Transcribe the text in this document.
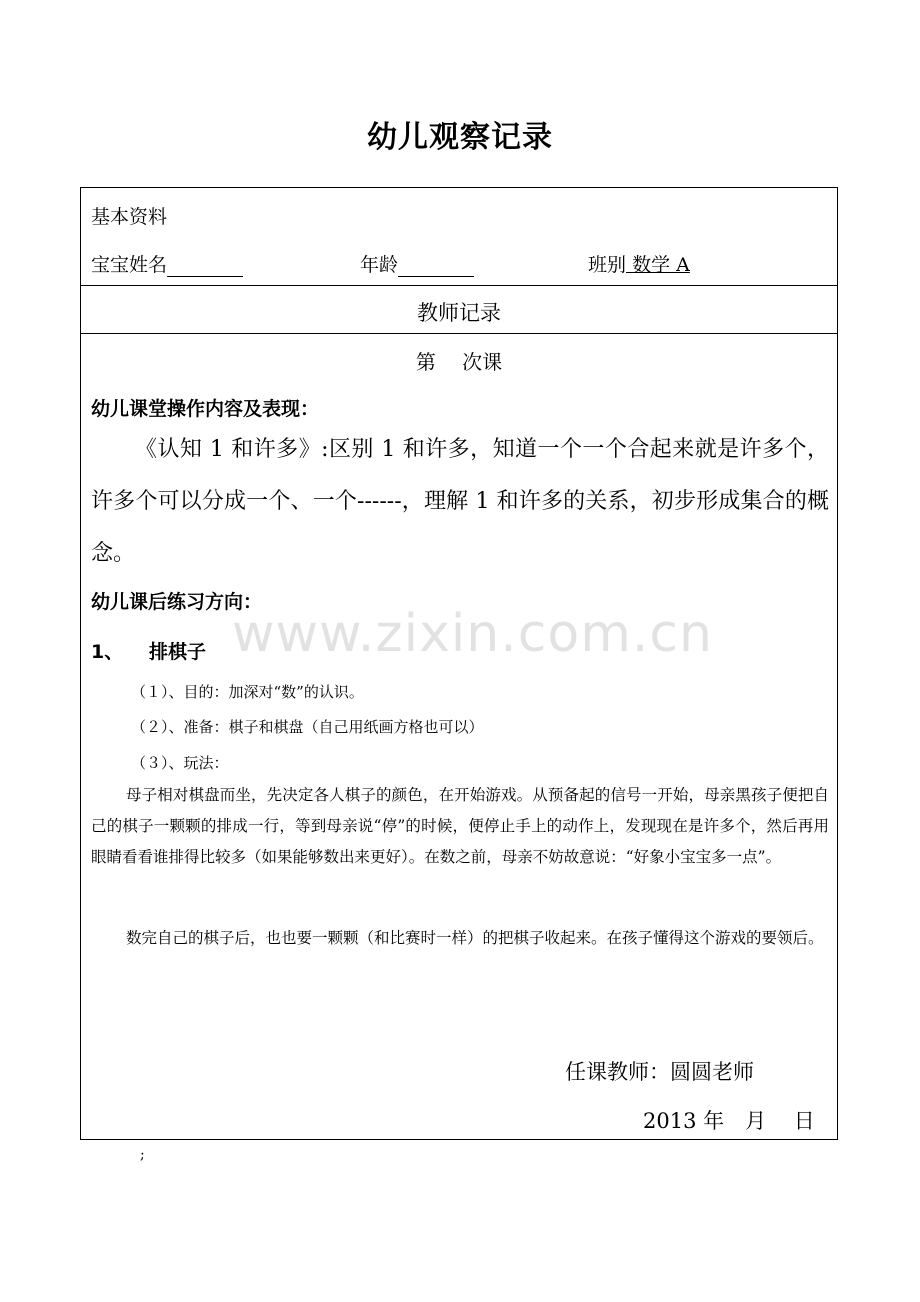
幼儿观察记录
基本资料
宝宝姓名	年龄	班别 数学 A
教师记录
第　 次课
幼儿课堂操作内容及表现：
《认知 1 和许多》:区别 1 和许多，知道一个一个合起来就是许多个，许多个可以分成一个、一个------，理解 1 和许多的关系，初步形成集合的概念。
幼儿课后练习方向：
1、 排棋子
（１）、目的：加深对“数”的认识。
（２）、准备：棋子和棋盘（自己用纸画方格也可以）
（３）、玩法：
母子相对棋盘而坐，先决定各人棋子的颜色，在开始游戏。从预备起的信号一开始，母亲黑孩子便把自己的棋子一颗颗的排成一行，等到母亲说“停”的时候，便停止手上的动作上，发现现在是许多个，然后再用眼睛看看谁排得比较多（如果能够数出来更好）。在数之前，母亲不妨故意说：“好象小宝宝多一点”。
数完自己的棋子后，也也要一颗颗（和比赛时一样）的把棋子收起来。在孩子懂得这个游戏的要领后。
任课教师：圆圆老师
2013 年　月　 日
www.zixin.com.cn
;
